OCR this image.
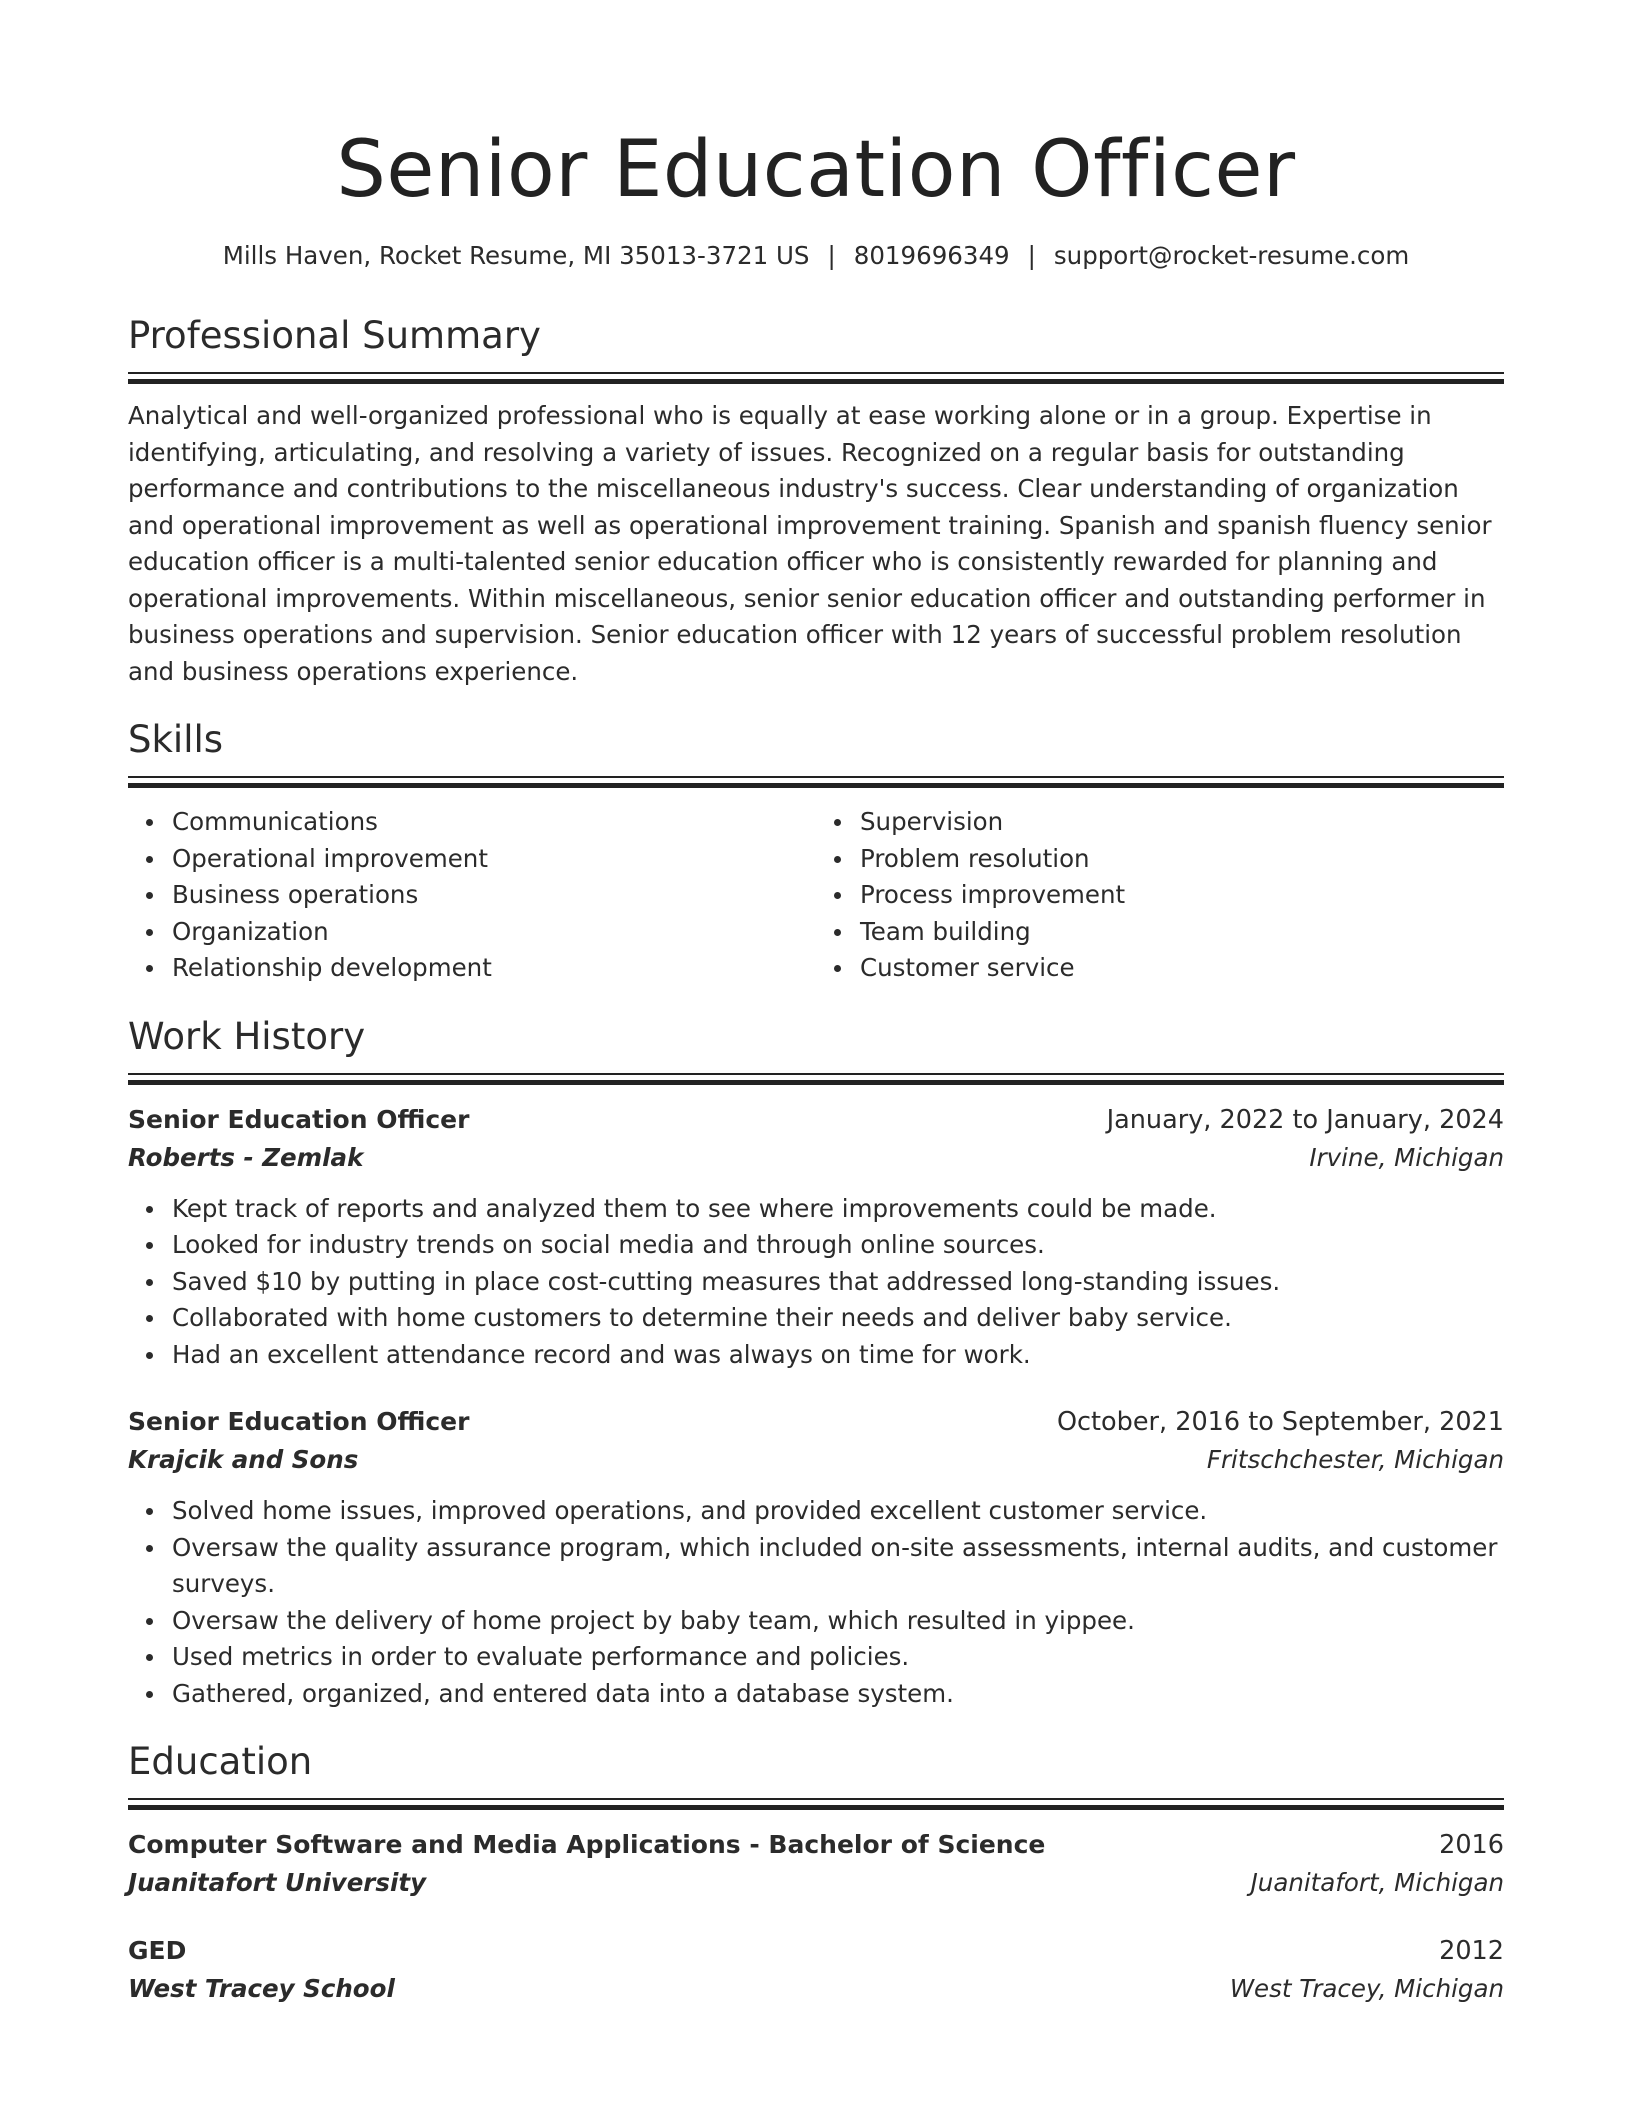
Senior Education Officer
Mills Haven, Rocket Resume, MI 35013-3721 US | 8019696349 | support@rocket-resume.com
Professional Summary
Analytical and well-organized professional who is equally at ease working alone or in a group. Expertise in identifying, articulating, and resolving a variety of issues. Recognized on a regular basis for outstanding performance and contributions to the miscellaneous industry's success. Clear understanding of organization and operational improvement as well as operational improvement training. Spanish and spanish fluency senior education officer is a multi-talented senior education officer who is consistently rewarded for planning and operational improvements. Within miscellaneous, senior senior education officer and outstanding performer in business operations and supervision. Senior education officer with 12 years of successful problem resolution and business operations experience.
Skills
Communications
Operational improvement
Business operations
Organization
Relationship development
Supervision
Problem resolution
Process improvement
Team building
Customer service
Work History
Senior Education Officer	January, 2022 to January, 2024
Roberts - Zemlak	Irvine, Michigan
Kept track of reports and analyzed them to see where improvements could be made.
Looked for industry trends on social media and through online sources.
Saved $10 by putting in place cost-cutting measures that addressed long-standing issues.
Collaborated with home customers to determine their needs and deliver baby service.
Had an excellent attendance record and was always on time for work.
Senior Education Officer	October, 2016 to September, 2021
Krajcik and Sons	Fritschchester, Michigan
Solved home issues, improved operations, and provided excellent customer service.
Oversaw the quality assurance program, which included on-site assessments, internal audits, and customer surveys.
Oversaw the delivery of home project by baby team, which resulted in yippee.
Used metrics in order to evaluate performance and policies.
Gathered, organized, and entered data into a database system.
Education
Computer Software and Media Applications - Bachelor of Science	2016
Juanitafort University	Juanitafort, Michigan
GED	2012
West Tracey School	West Tracey, Michigan
